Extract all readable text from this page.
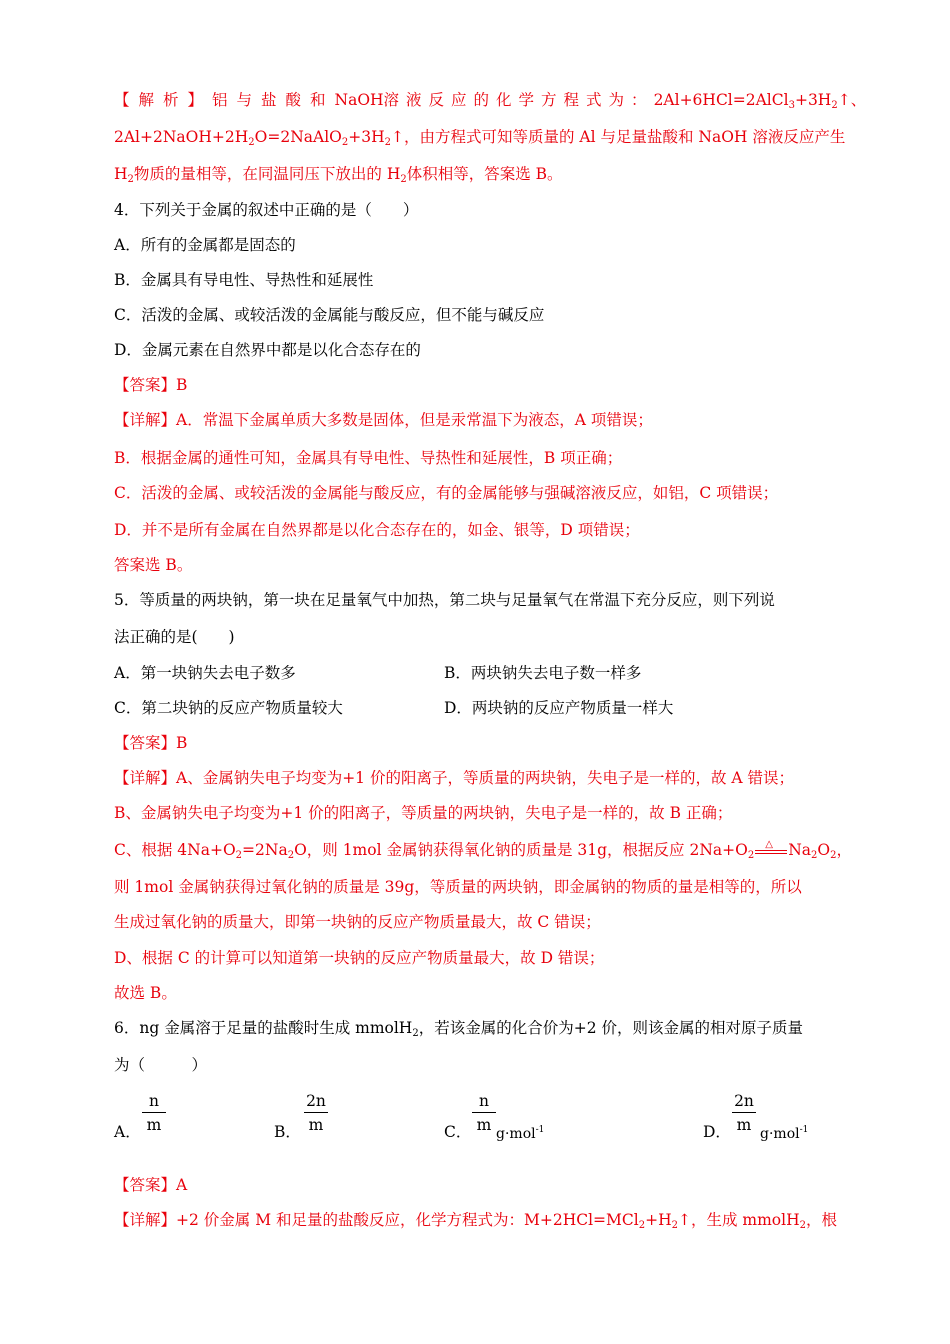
【解析】铝与盐酸和 NaOH 溶液反应的化学方程式为： $2Al+6HCl=2AlCl_3+3H_2↑$、
$2Al+2NaOH+2H_2O=2NaAlO_2+3H_2↑$，由方程式可知等质量的 Al 与足量盐酸和 NaOH 溶液反应产生
$H_2$物质的量相等，在同温同压下放出的 $H_2$体积相等，答案选 B。
4．下列关于金属的叙述中正确的是（　　）
A．所有的金属都是固态的
B．金属具有导电性、导热性和延展性
C．活泼的金属、或较活泼的金属能与酸反应，但不能与碱反应
D．金属元素在自然界中都是以化合态存在的
【答案】B
【详解】A．常温下金属单质大多数是固体，但是汞常温下为液态，A 项错误；
B．根据金属的通性可知，金属具有导电性、导热性和延展性，B 项正确；
C．活泼的金属、或较活泼的金属能与酸反应，有的金属能够与强碱溶液反应，如铝，C 项错误；
D．并不是所有金属在自然界都是以化合态存在的，如金、银等，D 项错误；
答案选 B。
5．等质量的两块钠，第一块在足量氧气中加热，第二块与足量氧气在常温下充分反应，则下列说
法正确的是(　　)
A．第一块钠失去电子数多	B．两块钠失去电子数一样多
C．第二块钠的反应产物质量较大	D．两块钠的反应产物质量一样大
【答案】B
【详解】A、金属钠失电子均变为+1 价的阳离子，等质量的两块钠，失电子是一样的，故 A 错误；
B、金属钠失电子均变为+1 价的阳离子，等质量的两块钠，失电子是一样的，故 B 正确；
C、根据 $4Na+O_2=2Na_2O$，则 1mol 金属钠获得氧化钠的质量是 31g，根据反应 $2Na+O_2$
△ $Na_2O_2$，
则 1mol 金属钠获得过氧化钠的质量是 39g，等质量的两块钠，即金属钠的物质的量是相等的，所以
生成过氧化钠的质量大，即第一块钠的反应产物质量最大，故 C 错误；
D、根据 C 的计算可以知道第一块钠的反应产物质量最大，故 D 错误；
故选 B。
6．ng 金属溶于足量的盐酸时生成 mmolH$_2$，若该金属的化合价为+2 价，则该金属的相对原子质量
为（　　　）
A． $\frac{n}{m}$	B． $\frac{2n}{m}$	C． $\frac{n}{m} g\cdot mol^{-1}$	D． $\frac{2n}{m} g\cdot mol^{-1}$
【答案】A
【详解】+2 价金属 M 和足量的盐酸反应，化学方程式为：$M+2HCl=MCl_2+H_2↑$，生成 mmolH$_2$，根
